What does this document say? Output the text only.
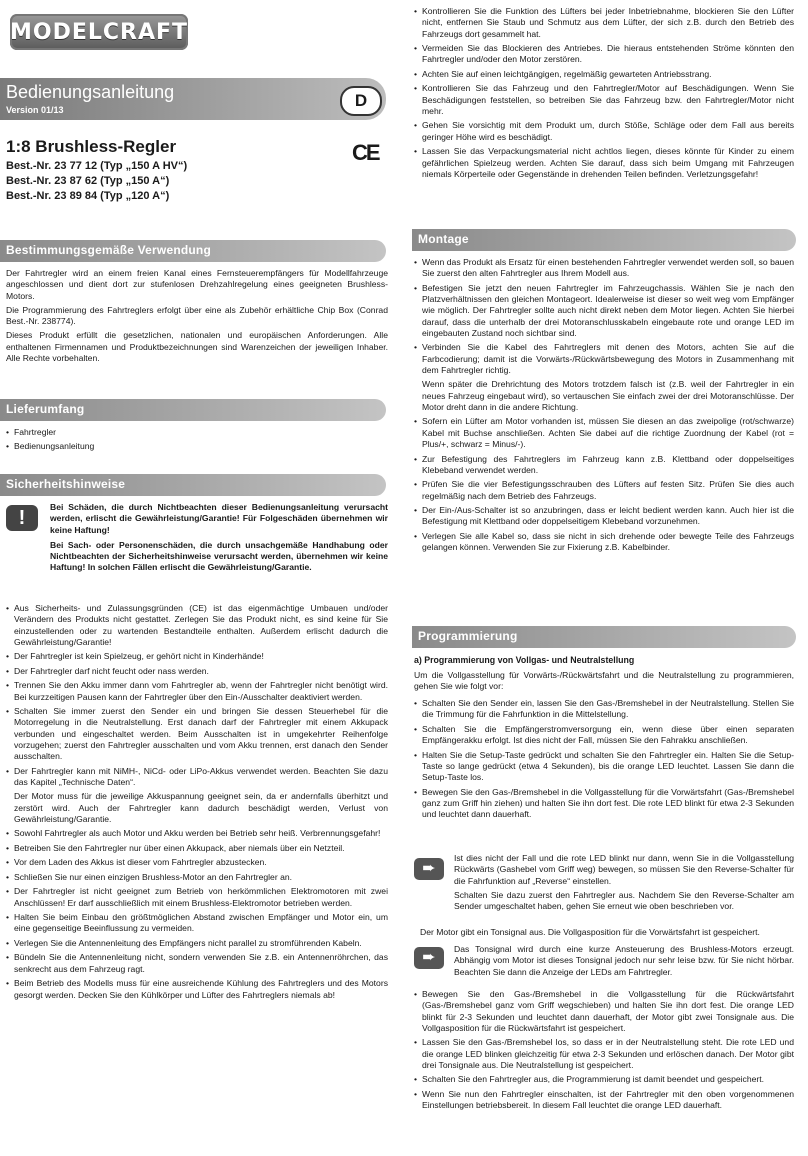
MODELCRAFT
Bedienungsanleitung
Version 01/13	D
1:8 Brushless-Regler	CE
Best.-Nr. 23 77 12 (Typ „150 A HV“)
Best.-Nr. 23 87 62 (Typ „150 A“)
Best.-Nr. 23 89 84 (Typ „120 A“)
Bestimmungsgemäße Verwendung

Der Fahrtregler wird an einem freien Kanal eines Fernsteuerempfängers für Modellfahrzeuge angeschlossen und dient dort zur stufenlosen Drehzahlregelung eines geeigneten Brushless-Motors.

Die Programmierung des Fahrtreglers erfolgt über eine als Zubehör erhältliche Chip Box (Conrad Best.-Nr. 238774).

Dieses Produkt erfüllt die gesetzlichen, nationalen und europäischen Anforderungen. Alle enthaltenen Firmennamen und Produktbezeichnungen sind Warenzeichen der jeweiligen Inhaber. Alle Rechte vorbehalten.

Lieferumfang
• Fahrtregler
• Bedienungsanleitung
Sicherheitshinweise
!	Bei Schäden, die durch Nichtbeachten dieser Bedienungsanleitung verursacht werden, erlischt die Gewährleistung/Garantie! Für Folgeschäden übernehmen wir keine Haftung!

Bei Sach- oder Personenschäden, die durch unsachgemäße Handhabung oder Nichtbeachten der Sicherheitshinweise verursacht werden, übernehmen wir keine Haftung! In solchen Fällen erlischt die Gewährleistung/Garantie.

• Aus Sicherheits- und Zulassungsgründen (CE) ist das eigenmächtige Umbauen und/oder Verändern des Produkts nicht gestattet. Zerlegen Sie das Produkt nicht, es sind keine für Sie einzustellenden oder zu wartenden Bestandteile enthalten. Außerdem erlischt dadurch die Gewährleistung/Garantie!
• Der Fahrtregler ist kein Spielzeug, er gehört nicht in Kinderhände!
• Der Fahrtregler darf nicht feucht oder nass werden.
• Trennen Sie den Akku immer dann vom Fahrtregler ab, wenn der Fahrtregler nicht benötigt wird. Bei kurzzeitigen Pausen kann der Fahrtregler über den Ein-/Ausschalter deaktiviert werden.
• Schalten Sie immer zuerst den Sender ein und bringen Sie dessen Steuerhebel für die Motorregelung in die Neutralstellung. Erst danach darf der Fahrtregler mit einem Akkupack verbunden und eingeschaltet werden. Beim Ausschalten ist in umgekehrter Reihenfolge vorzugehen; zuerst den Fahrtregler ausschalten und vom Akku trennen, erst danach den Sender ausschalten.
• Der Fahrtregler kann mit NiMH-, NiCd- oder LiPo-Akkus verwendet werden. Beachten Sie dazu das Kapitel „Technische Daten“.
Der Motor muss für die jeweilige Akkuspannung geeignet sein, da er andernfalls überhitzt und zerstört wird. Auch der Fahrtregler kann dadurch beschädigt werden, Verlust von Gewährleistung/Garantie.
• Sowohl Fahrtregler als auch Motor und Akku werden bei Betrieb sehr heiß. Verbrennungsgefahr!
• Betreiben Sie den Fahrtregler nur über einen Akkupack, aber niemals über ein Netzteil.
• Vor dem Laden des Akkus ist dieser vom Fahrtregler abzustecken.
• Schließen Sie nur einen einzigen Brushless-Motor an den Fahrtregler an.
• Der Fahrtregler ist nicht geeignet zum Betrieb von herkömmlichen Elektromotoren mit zwei Anschlüssen! Er darf ausschließlich mit einem Brushless-Elektromotor betrieben werden.
• Halten Sie beim Einbau den größtmöglichen Abstand zwischen Empfänger und Motor ein, um eine gegenseitige Beeinflussung zu vermeiden.
• Verlegen Sie die Antennenleitung des Empfängers nicht parallel zu stromführenden Kabeln.
• Bündeln Sie die Antennenleitung nicht, sondern verwenden Sie z.B. ein Antennenröhrchen, das senkrecht aus dem Fahrzeug ragt.
• Beim Betrieb des Modells muss für eine ausreichende Kühlung des Fahrtreglers und des Motors gesorgt werden. Decken Sie den Kühlkörper und Lüfter des Fahrtreglers niemals ab!
• Kontrollieren Sie die Funktion des Lüfters bei jeder Inbetriebnahme, blockieren Sie den Lüfter nicht, entfernen Sie Staub und Schmutz aus dem Lüfter, der sich z.B. durch den Betrieb des Fahrzeugs dort gesammelt hat.
• Vermeiden Sie das Blockieren des Antriebes. Die hieraus entstehenden Ströme könnten den Fahrtregler und/oder den Motor zerstören.
• Achten Sie auf einen leichtgängigen, regelmäßig gewarteten Antriebsstrang.
• Kontrollieren Sie das Fahrzeug und den Fahrtregler/Motor auf Beschädigungen. Wenn Sie Beschädigungen feststellen, so betreiben Sie das Fahrzeug bzw. den Fahrtregler/Motor nicht mehr.
• Gehen Sie vorsichtig mit dem Produkt um, durch Stöße, Schläge oder dem Fall aus bereits geringer Höhe wird es beschädigt.
• Lassen Sie das Verpackungsmaterial nicht achtlos liegen, dieses könnte für Kinder zu einem gefährlichen Spielzeug werden. Achten Sie darauf, dass sich beim Umgang mit Fahrzeugen niemals Körperteile oder Gegenstände in drehenden Teilen befinden. Verletzungsgefahr!
Montage
• Wenn das Produkt als Ersatz für einen bestehenden Fahrtregler verwendet werden soll, so bauen Sie zuerst den alten Fahrtregler aus Ihrem Modell aus.
• Befestigen Sie jetzt den neuen Fahrtregler im Fahrzeugchassis. Wählen Sie je nach den Platzverhältnissen den gleichen Montageort. Idealerweise ist dieser so weit weg vom Empfänger wie möglich. Der Fahrtregler sollte auch nicht direkt neben dem Motor liegen. Achten Sie hierbei darauf, dass die unterhalb der drei Motoranschlusskabeln eingebaute rote und orange LED im eingebauten Zustand noch sichtbar sind.
• Verbinden Sie die Kabel des Fahrtreglers mit denen des Motors, achten Sie auf die Farbcodierung; damit ist die Vorwärts-/Rückwärtsbewegung des Motors in Zusammenhang mit dem Fahrtregler richtig.
Wenn später die Drehrichtung des Motors trotzdem falsch ist (z.B. weil der Fahrtregler in ein neues Fahrzeug eingebaut wird), so vertauschen Sie einfach zwei der drei Motoranschlüsse. Der Motor dreht dann in die andere Richtung.
• Sofern ein Lüfter am Motor vorhanden ist, müssen Sie diesen an das zweipolige (rot/schwarze) Kabel mit Buchse anschließen. Achten Sie dabei auf die richtige Zuordnung der Kabel (rot = Plus/+, schwarz = Minus/-).
• Zur Befestigung des Fahrtreglers im Fahrzeug kann z.B. Klettband oder doppelseitiges Klebeband verwendet werden.
• Prüfen Sie die vier Befestigungsschrauben des Lüfters auf festen Sitz. Prüfen Sie dies auch regelmäßig nach dem Betrieb des Fahrzeugs.
• Der Ein-/Aus-Schalter ist so anzubringen, dass er leicht bedient werden kann. Auch hier ist die Befestigung mit Klettband oder doppelseitigem Klebeband vorzunehmen.
• Verlegen Sie alle Kabel so, dass sie nicht in sich drehende oder bewegte Teile des Fahrzeugs gelangen können. Verwenden Sie zur Fixierung z.B. Kabelbinder.
Programmierung
a) Programmierung von Vollgas- und Neutralstellung
Um die Vollgasstellung für Vorwärts-/Rückwärtsfahrt und die Neutralstellung zu programmieren, gehen Sie wie folgt vor:
• Schalten Sie den Sender ein, lassen Sie den Gas-/Bremshebel in der Neutralstellung. Stellen Sie die Trimmung für die Fahrfunktion in die Mittelstellung.
• Schalten Sie die Empfängerstromversorgung ein, wenn diese über einen separaten Empfängerakku erfolgt. Ist dies nicht der Fall, müssen Sie den Fahrakku anschließen.
• Halten Sie die Setup-Taste gedrückt und schalten Sie den Fahrtregler ein. Halten Sie die Setup-Taste so lange gedrückt (etwa 4 Sekunden), bis die orange LED leuchtet. Lassen Sie dann die Setup-Taste los.
• Bewegen Sie den Gas-/Bremshebel in die Vollgasstellung für die Vorwärtsfahrt (Gas-/Bremshebel ganz zum Griff hin ziehen) und halten Sie ihn dort fest. Die rote LED blinkt für etwa 2-3 Sekunden und leuchtet dann dauerhaft.
➨

Ist dies nicht der Fall und die rote LED blinkt nur dann, wenn Sie in die Vollgasstellung Rückwärts (Gashebel vom Griff weg) bewegen, so müssen Sie den Reverse-Schalter für die Fahrfunktion auf „Reverse“ einstellen.

Schalten Sie dazu zuerst den Fahrtregler aus. Nachdem Sie den Reverse-Schalter am Sender umgeschaltet haben, gehen Sie erneut wie oben beschrieben vor.

Der Motor gibt ein Tonsignal aus. Die Vollgasposition für die Vorwärtsfahrt ist gespeichert.
➨	Das Tonsignal wird durch eine kurze Ansteuerung des Brushless-Motors erzeugt. Abhängig vom Motor ist dieses Tonsignal jedoch nur sehr leise bzw. für Sie nicht hörbar. Beachten Sie dann die Anzeige der LEDs am Fahrtregler.
• Bewegen Sie den Gas-/Bremshebel in die Vollgasstellung für die Rückwärtsfahrt (Gas-/Bremshebel ganz vom Griff wegschieben) und halten Sie ihn dort fest. Die orange LED blinkt für 2-3 Sekunden und leuchtet dann dauerhaft, der Motor gibt zwei Tonsignale aus. Die Vollgasposition für die Rückwärtsfahrt ist gespeichert.
• Lassen Sie den Gas-/Bremshebel los, so dass er in der Neutralstellung steht. Die rote LED und die orange LED blinken gleichzeitig für etwa 2-3 Sekunden und erlöschen danach. Der Motor gibt drei Tonsignale aus. Die Neutralstellung ist gespeichert.
• Schalten Sie den Fahrtregler aus, die Programmierung ist damit beendet und gespeichert.
• Wenn Sie nun den Fahrtregler einschalten, ist der Fahrtregler mit den oben vorgenommenen Einstellungen betriebsbereit. In diesem Fall leuchtet die orange LED dauerhaft.
